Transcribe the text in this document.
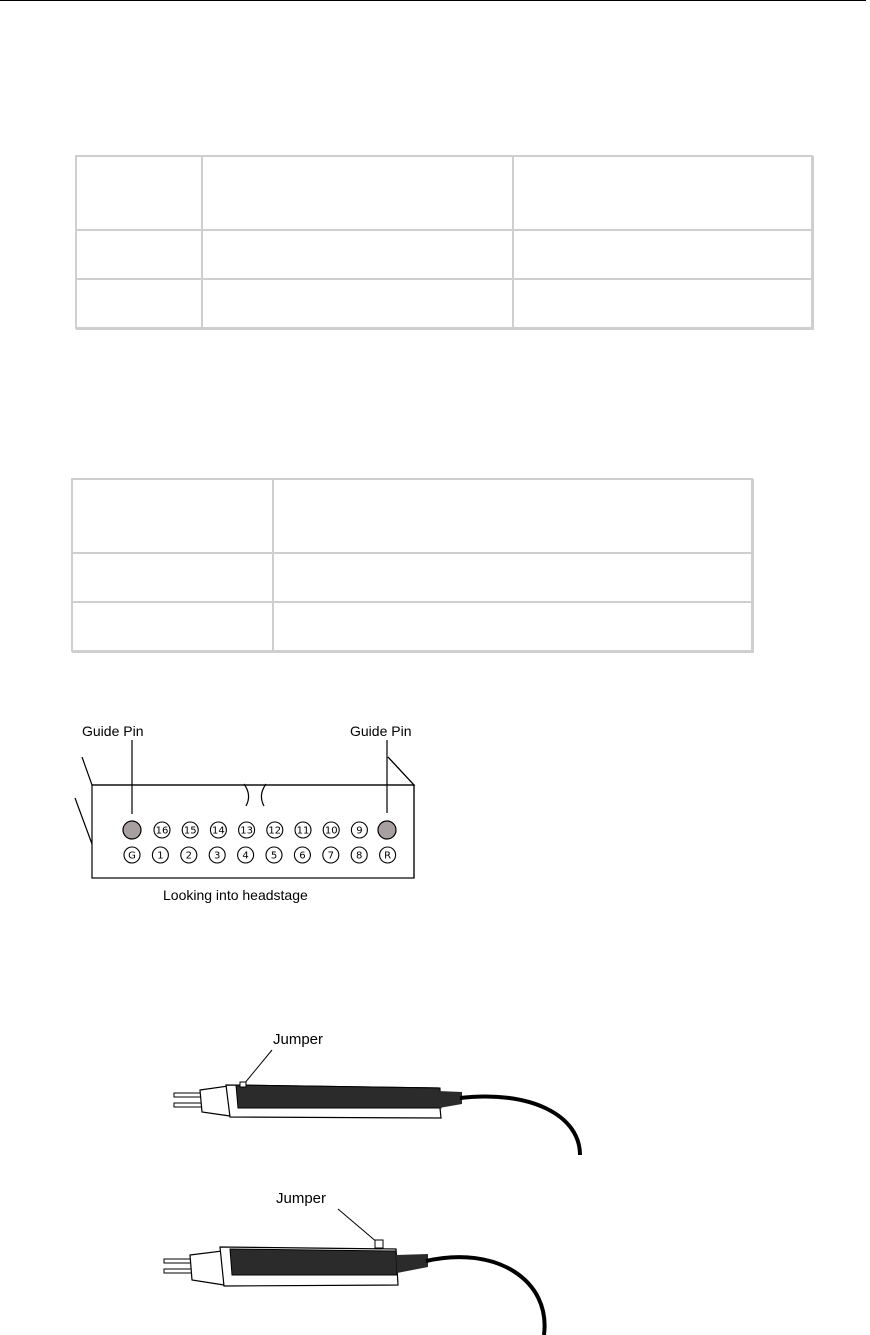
Guide Pin	Guide Pin
16 15 14 13 12 11 10 9
G 1 2 3 4 5 6 7 8 R
Looking into headstage
Jumper
Jumper
